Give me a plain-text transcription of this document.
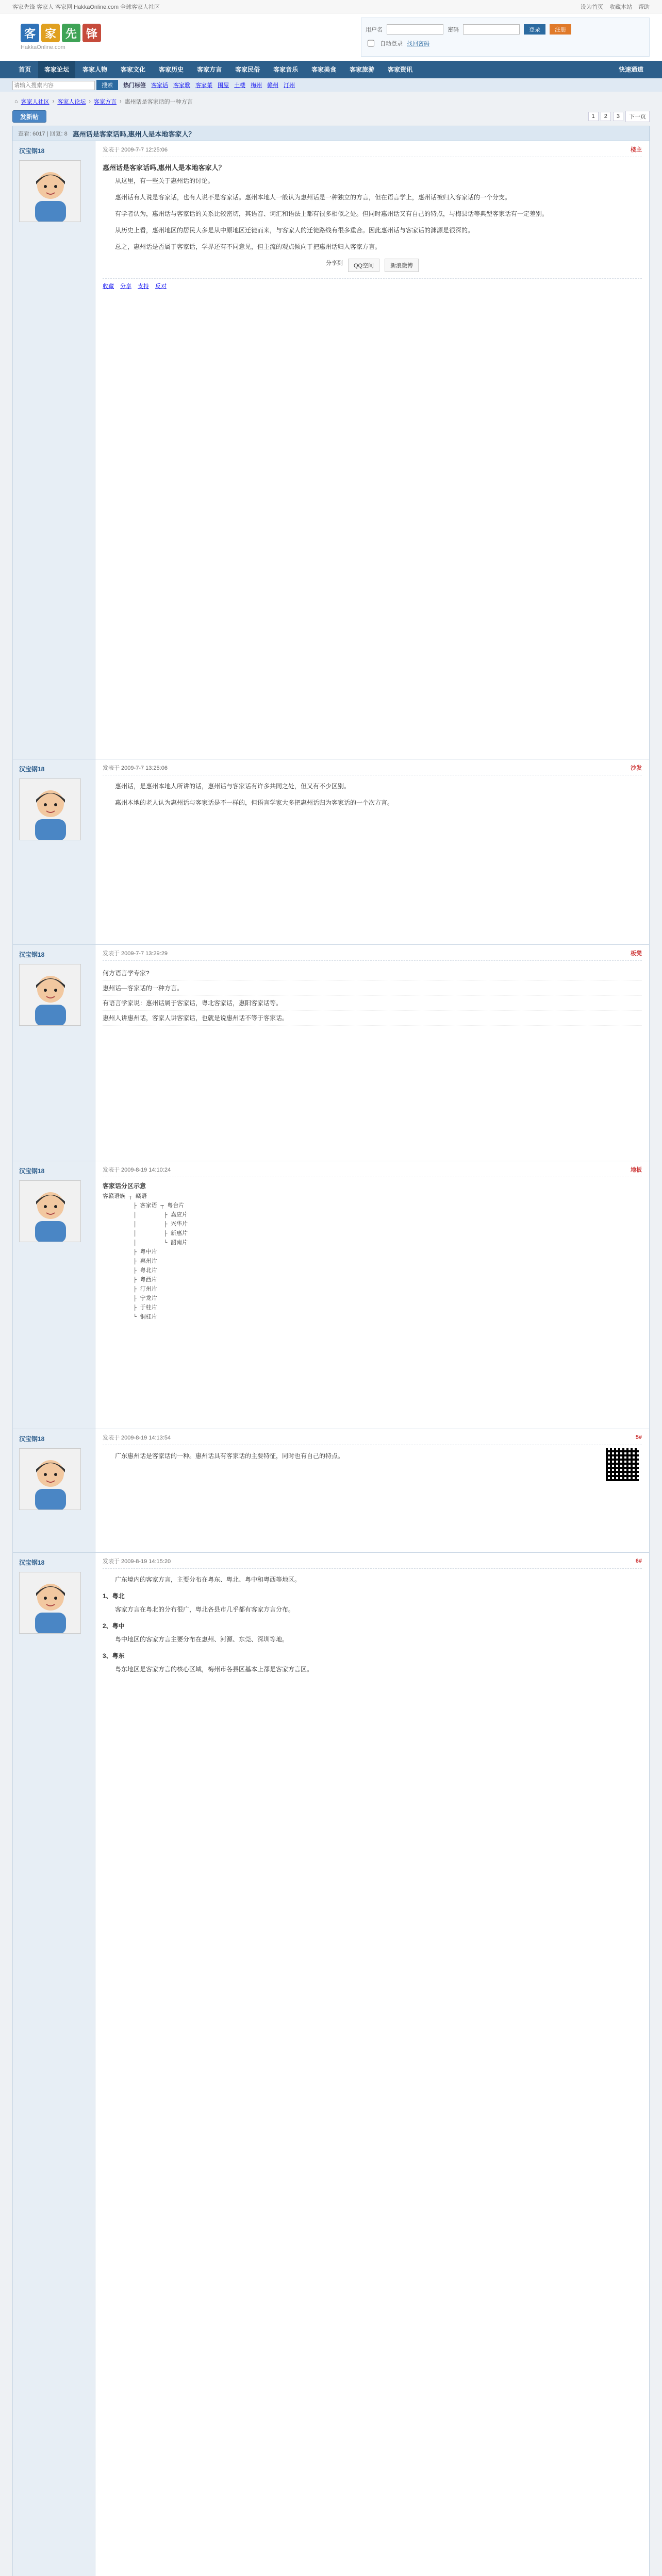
客家先锋 客家人 客家网 HakkaOnline.com 全球客家人社区	设为首页 收藏本站 帮助
客 家 先 锋
HakkaOnline.com
用户名	密码	登录	注册
自动登录 找回密码
首页	客家论坛	客家人物	客家文化	客家历史	客家方言	客家民俗	客家音乐	客家美食	客家旅游	客家资讯	快速通道
请输入搜索内容 搜索	热门标签 客家话 客家歌 客家菜 围屋 土楼 梅州 赣州 汀州
⌂ 客家人社区 › 客家人论坛 › 客家方言 › 惠州话是客家话的一种方言
发新帖	1	2	3	下一页
查看: 6017 | 回复: 8 惠州话是客家话吗,惠州人是本地客家人？
汉宝钢18	发表于 2009-7-7 12:25:06	楼主
惠州话是客家话吗,惠州人是本地客家人？

从这里，有一些关于惠州话的讨论。

惠州话有人说是客家话，也有人说不是客家话。惠州本地人一般认为惠州话是一种独立的方言，但在语言学上，惠州话被归入客家话的一个分支。

有学者认为，惠州话与客家话的关系比较密切，其语音、词汇和语法上都有很多相似之处。但同时惠州话又有自己的特点，与梅县话等典型客家话有一定差别。

从历史上看，惠州地区的居民大多是从中原地区迁徙而来，与客家人的迁徙路线有很多重合。因此惠州话与客家话的渊源是很深的。

总之，惠州话是否属于客家话，学界还有不同意见，但主流的观点倾向于把惠州话归入客家方言。

分享到	QQ空间	新浪微博
收藏 分享 支持 反对
汉宝钢18	发表于 2009-7-7 13:25:06	沙发

惠州话，是惠州本地人所讲的话，惠州话与客家话有许多共同之处，但又有不少区别。

惠州本地的老人认为惠州话与客家话是不一样的，但语言学家大多把惠州话归为客家话的一个次方言。

汉宝钢18	发表于 2009-7-7 13:29:29	板凳
何方语言学专家?
惠州话—客家话的一种方言。
有语言学家说：惠州话属于客家话，粤北客家话，惠阳客家话等。
惠州人讲惠州话，客家人讲客家话，也就是说惠州话不等于客家话。
汉宝钢18	发表于 2009-8-19 14:10:24	地板
客家话分区示意
客赣语族 ┬ 赣语
├ 客家语 ┬ 粤台片
│        ├ 嘉应片
│        ├ 兴华片
│        ├ 新惠片
│        └ 韶南片
├ 粤中片
├ 惠州片
├ 粤北片
├ 粤西片
├ 汀州片
├ 宁龙片
├ 于桂片
└ 铜桂片
汉宝钢18	发表于 2009-8-19 14:13:54	5#

广东惠州话是客家话的一种。惠州话具有客家话的主要特征，同时也有自己的特点。

汉宝钢18	发表于 2009-8-19 14:15:20	6#

广东境内的客家方言，主要分布在粤东、粤北、粤中和粤西等地区。

1、粤北

客家方言在粤北的分布很广，粤北各县市几乎都有客家方言分布。

2、粤中

粤中地区的客家方言主要分布在惠州、河源、东莞、深圳等地。

3、粤东

粤东地区是客家方言的核心区域，梅州市各县区基本上都是客家方言区。
